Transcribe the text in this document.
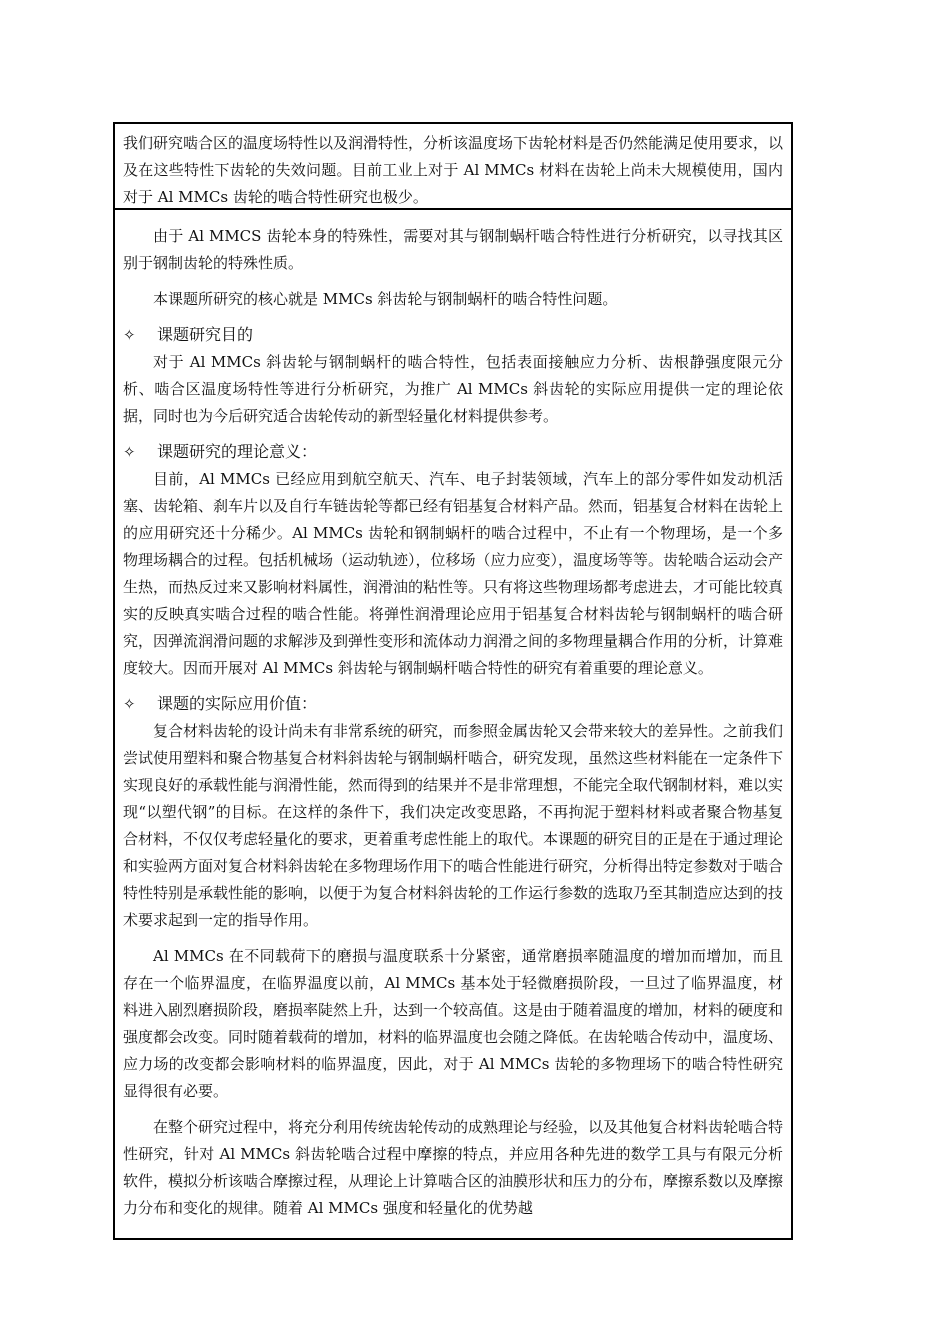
我们研究啮合区的温度场特性以及润滑特性，分析该温度场下齿轮材料是否仍然能满足使用要求，以及在这些特性下齿轮的失效问题。目前工业上对于 Al MMCs 材料在齿轮上尚未大规模使用，国内对于 Al MMCs 齿轮的啮合特性研究也极少。

由于 Al MMCS 齿轮本身的特殊性，需要对其与钢制蜗杆啮合特性进行分析研究，以寻找其区别于钢制齿轮的特殊性质。

本课题所研究的核心就是 MMCs 斜齿轮与钢制蜗杆的啮合特性问题。

✧	课题研究目的

对于 Al MMCs 斜齿轮与钢制蜗杆的啮合特性，包括表面接触应力分析、齿根静强度限元分析、啮合区温度场特性等进行分析研究，为推广 Al MMCs 斜齿轮的实际应用提供一定的理论依据，同时也为今后研究适合齿轮传动的新型轻量化材料提供参考。

✧	课题研究的理论意义：

目前，Al MMCs 已经应用到航空航天、汽车、电子封装领域，汽车上的部分零件如发动机活塞、齿轮箱、刹车片以及自行车链齿轮等都已经有铝基复合材料产品。然而，铝基复合材料在齿轮上的应用研究还十分稀少。Al MMCs 齿轮和钢制蜗杆的啮合过程中，不止有一个物理场，是一个多物理场耦合的过程。包括机械场（运动轨迹），位移场（应力应变），温度场等等。齿轮啮合运动会产生热，而热反过来又影响材料属性，润滑油的粘性等。只有将这些物理场都考虑进去，才可能比较真实的反映真实啮合过程的啮合性能。将弹性润滑理论应用于铝基复合材料齿轮与钢制蜗杆的啮合研究，因弹流润滑问题的求解涉及到弹性变形和流体动力润滑之间的多物理量耦合作用的分析，计算难度较大。因而开展对 Al MMCs 斜齿轮与钢制蜗杆啮合特性的研究有着重要的理论意义。

✧	课题的实际应用价值：

复合材料齿轮的设计尚未有非常系统的研究，而参照金属齿轮又会带来较大的差异性。之前我们尝试使用塑料和聚合物基复合材料斜齿轮与钢制蜗杆啮合，研究发现，虽然这些材料能在一定条件下实现良好的承载性能与润滑性能，然而得到的结果并不是非常理想，不能完全取代钢制材料，难以实现“以塑代钢”的目标。在这样的条件下，我们决定改变思路，不再拘泥于塑料材料或者聚合物基复合材料，不仅仅考虑轻量化的要求，更着重考虑性能上的取代。本课题的研究目的正是在于通过理论和实验两方面对复合材料斜齿轮在多物理场作用下的啮合性能进行研究，分析得出特定参数对于啮合特性特别是承载性能的影响，以便于为复合材料斜齿轮的工作运行参数的选取乃至其制造应达到的技术要求起到一定的指导作用。

Al MMCs 在不同载荷下的磨损与温度联系十分紧密，通常磨损率随温度的增加而增加，而且存在一个临界温度，在临界温度以前，Al MMCs 基本处于轻微磨损阶段，一旦过了临界温度，材料进入剧烈磨损阶段，磨损率陡然上升，达到一个较高值。这是由于随着温度的增加，材料的硬度和强度都会改变。同时随着载荷的增加，材料的临界温度也会随之降低。在齿轮啮合传动中，温度场、应力场的改变都会影响材料的临界温度，因此，对于 Al MMCs 齿轮的多物理场下的啮合特性研究显得很有必要。

在整个研究过程中，将充分利用传统齿轮传动的成熟理论与经验，以及其他复合材料齿轮啮合特性研究，针对 Al MMCs 斜齿轮啮合过程中摩擦的特点，并应用各种先进的数学工具与有限元分析软件，模拟分析该啮合摩擦过程，从理论上计算啮合区的油膜形状和压力的分布，摩擦系数以及摩擦力分布和变化的规律。随着 Al MMCs 强度和轻量化的优势越
